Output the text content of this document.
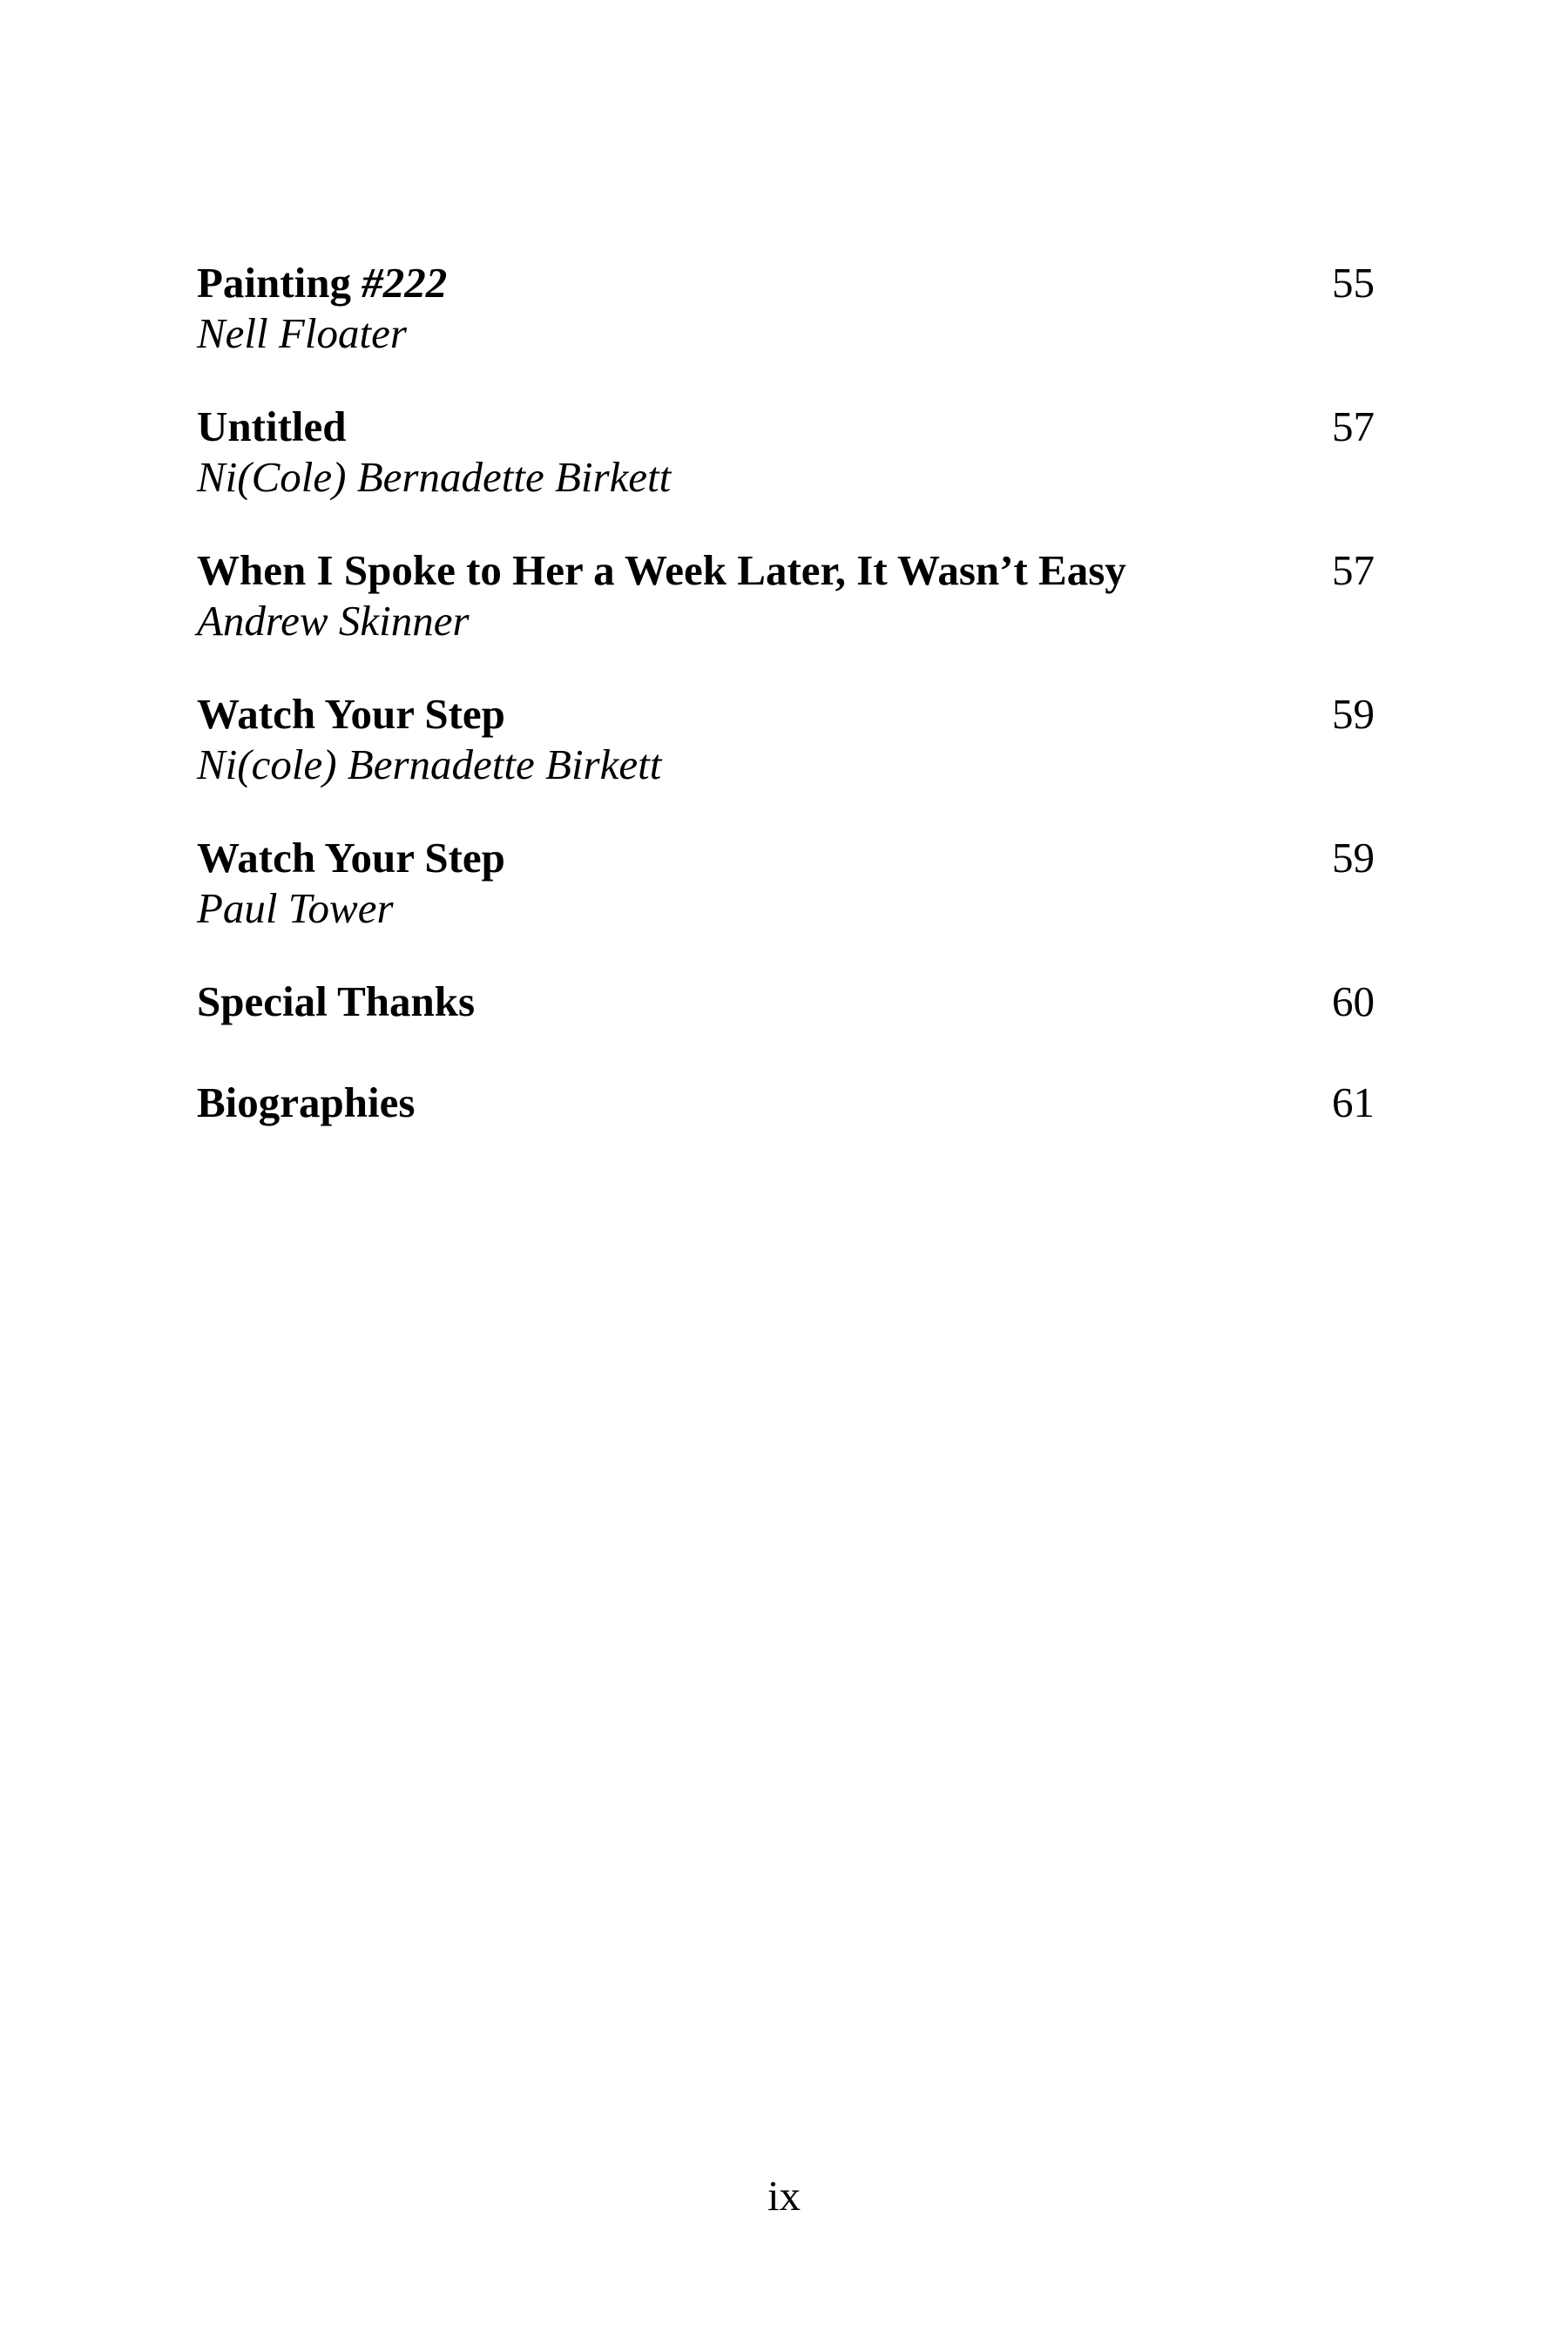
Painting #222	55
Nell Floater
Untitled	57
Ni(Cole) Bernadette Birkett
When I Spoke to Her a Week Later, It Wasn’t Easy	57
Andrew Skinner
Watch Your Step	59
Ni(cole) Bernadette Birkett
Watch Your Step	59
Paul Tower
Special Thanks	60
Biographies	61
ix
